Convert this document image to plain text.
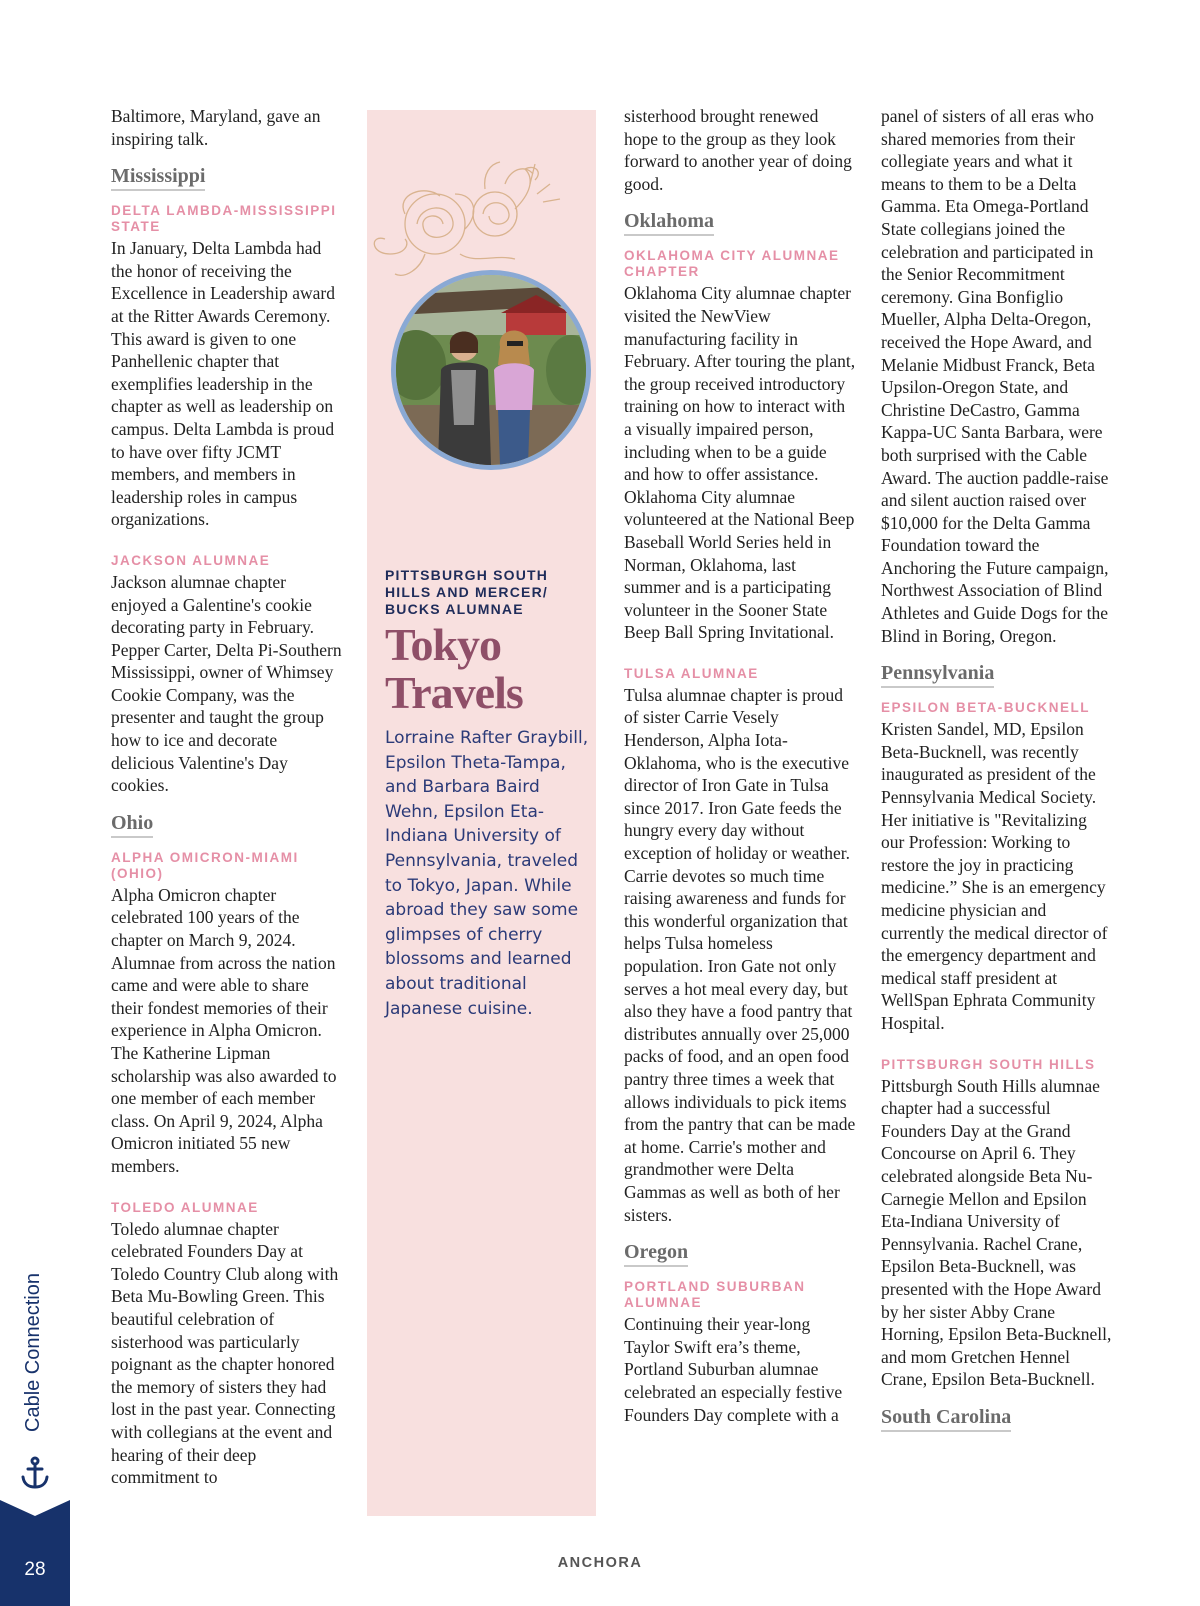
Baltimore, Maryland, gave an inspiring talk.

Mississippi
DELTA LAMBDA-MISSISSIPPI STATE

In January, Delta Lambda had the honor of receiving the Excellence in Leadership award at the Ritter Awards Ceremony. This award is given to one Panhellenic chapter that exemplifies leadership in the chapter as well as leadership on campus. Delta Lambda is proud to have over fifty JCMT members, and members in leadership roles in campus organizations.

JACKSON ALUMNAE

Jackson alumnae chapter enjoyed a Galentine's cookie decorating party in February. Pepper Carter, Delta Pi-Southern Mississippi, owner of Whimsey Cookie Company, was the presenter and taught the group how to ice and decorate delicious Valentine's Day cookies.

Ohio
ALPHA OMICRON-MIAMI (OHIO)

Alpha Omicron chapter celebrated 100 years of the chapter on March 9, 2024. Alumnae from across the nation came and were able to share their fondest memories of their experience in Alpha Omicron. The Katherine Lipman scholarship was also awarded to one member of each member class. On April 9, 2024, Alpha Omicron initiated 55 new members.

TOLEDO ALUMNAE

Toledo alumnae chapter celebrated Founders Day at Toledo Country Club along with Beta Mu-Bowling Green. This beautiful celebration of sisterhood was particularly poignant as the chapter honored the memory of sisters they had lost in the past year. Connecting with collegians at the event and hearing of their deep commitment to

PITTSBURGH SOUTH HILLS AND MERCER/ BUCKS ALUMNAE
Tokyo Travels
Lorraine Rafter Graybill, Epsilon Theta-Tampa, and Barbara Baird Wehn, Epsilon Eta-Indiana University of Pennsylvania, traveled to Tokyo, Japan. While abroad they saw some glimpses of cherry blossoms and learned about traditional Japanese cuisine.

sisterhood brought renewed hope to the group as they look forward to another year of doing good.

Oklahoma
OKLAHOMA CITY ALUMNAE CHAPTER

Oklahoma City alumnae chapter visited the NewView manufacturing facility in February. After touring the plant, the group received introductory training on how to interact with a visually impaired person, including when to be a guide and how to offer assistance. Oklahoma City alumnae volunteered at the National Beep Baseball World Series held in Norman, Oklahoma, last summer and is a participating volunteer in the Sooner State Beep Ball Spring Invitational.

TULSA ALUMNAE

Tulsa alumnae chapter is proud of sister Carrie Vesely Henderson, Alpha Iota-Oklahoma, who is the executive director of Iron Gate in Tulsa since 2017. Iron Gate feeds the hungry every day without exception of holiday or weather. Carrie devotes so much time raising awareness and funds for this wonderful organization that helps Tulsa homeless population. Iron Gate not only serves a hot meal every day, but also they have a food pantry that distributes annually over 25,000 packs of food, and an open food pantry three times a week that allows individuals to pick items from the pantry that can be made at home. Carrie's mother and grandmother were Delta Gammas as well as both of her sisters.

Oregon
PORTLAND SUBURBAN ALUMNAE

Continuing their year-long Taylor Swift era’s theme, Portland Suburban alumnae celebrated an especially festive Founders Day complete with a

panel of sisters of all eras who shared memories from their collegiate years and what it means to them to be a Delta Gamma. Eta Omega-Portland State collegians joined the celebration and participated in the Senior Recommitment ceremony. Gina Bonfiglio Mueller, Alpha Delta-Oregon, received the Hope Award, and Melanie Midbust Franck, Beta Upsilon-Oregon State, and Christine DeCastro, Gamma Kappa-UC Santa Barbara, were both surprised with the Cable Award. The auction paddle-raise and silent auction raised over $10,000 for the Delta Gamma Foundation toward the Anchoring the Future campaign, Northwest Association of Blind Athletes and Guide Dogs for the Blind in Boring, Oregon.

Pennsylvania
EPSILON BETA-BUCKNELL

Kristen Sandel, MD, Epsilon Beta-Bucknell, was recently inaugurated as president of the Pennsylvania Medical Society. Her initiative is "Revitalizing our Profession: Working to restore the joy in practicing medicine.” She is an emergency medicine physician and currently the medical director of the emergency department and medical staff president at WellSpan Ephrata Community Hospital.

PITTSBURGH SOUTH HILLS

Pittsburgh South Hills alumnae chapter had a successful Founders Day at the Grand Concourse on April 6. They celebrated alongside Beta Nu-Carnegie Mellon and Epsilon Eta-Indiana University of Pennsylvania. Rachel Crane, Epsilon Beta-Bucknell, was presented with the Hope Award by her sister Abby Crane Horning, Epsilon Beta-Bucknell, and mom Gretchen Hennel Crane, Epsilon Beta-Bucknell.

South Carolina
Cable Connection
28	ANCHORA
